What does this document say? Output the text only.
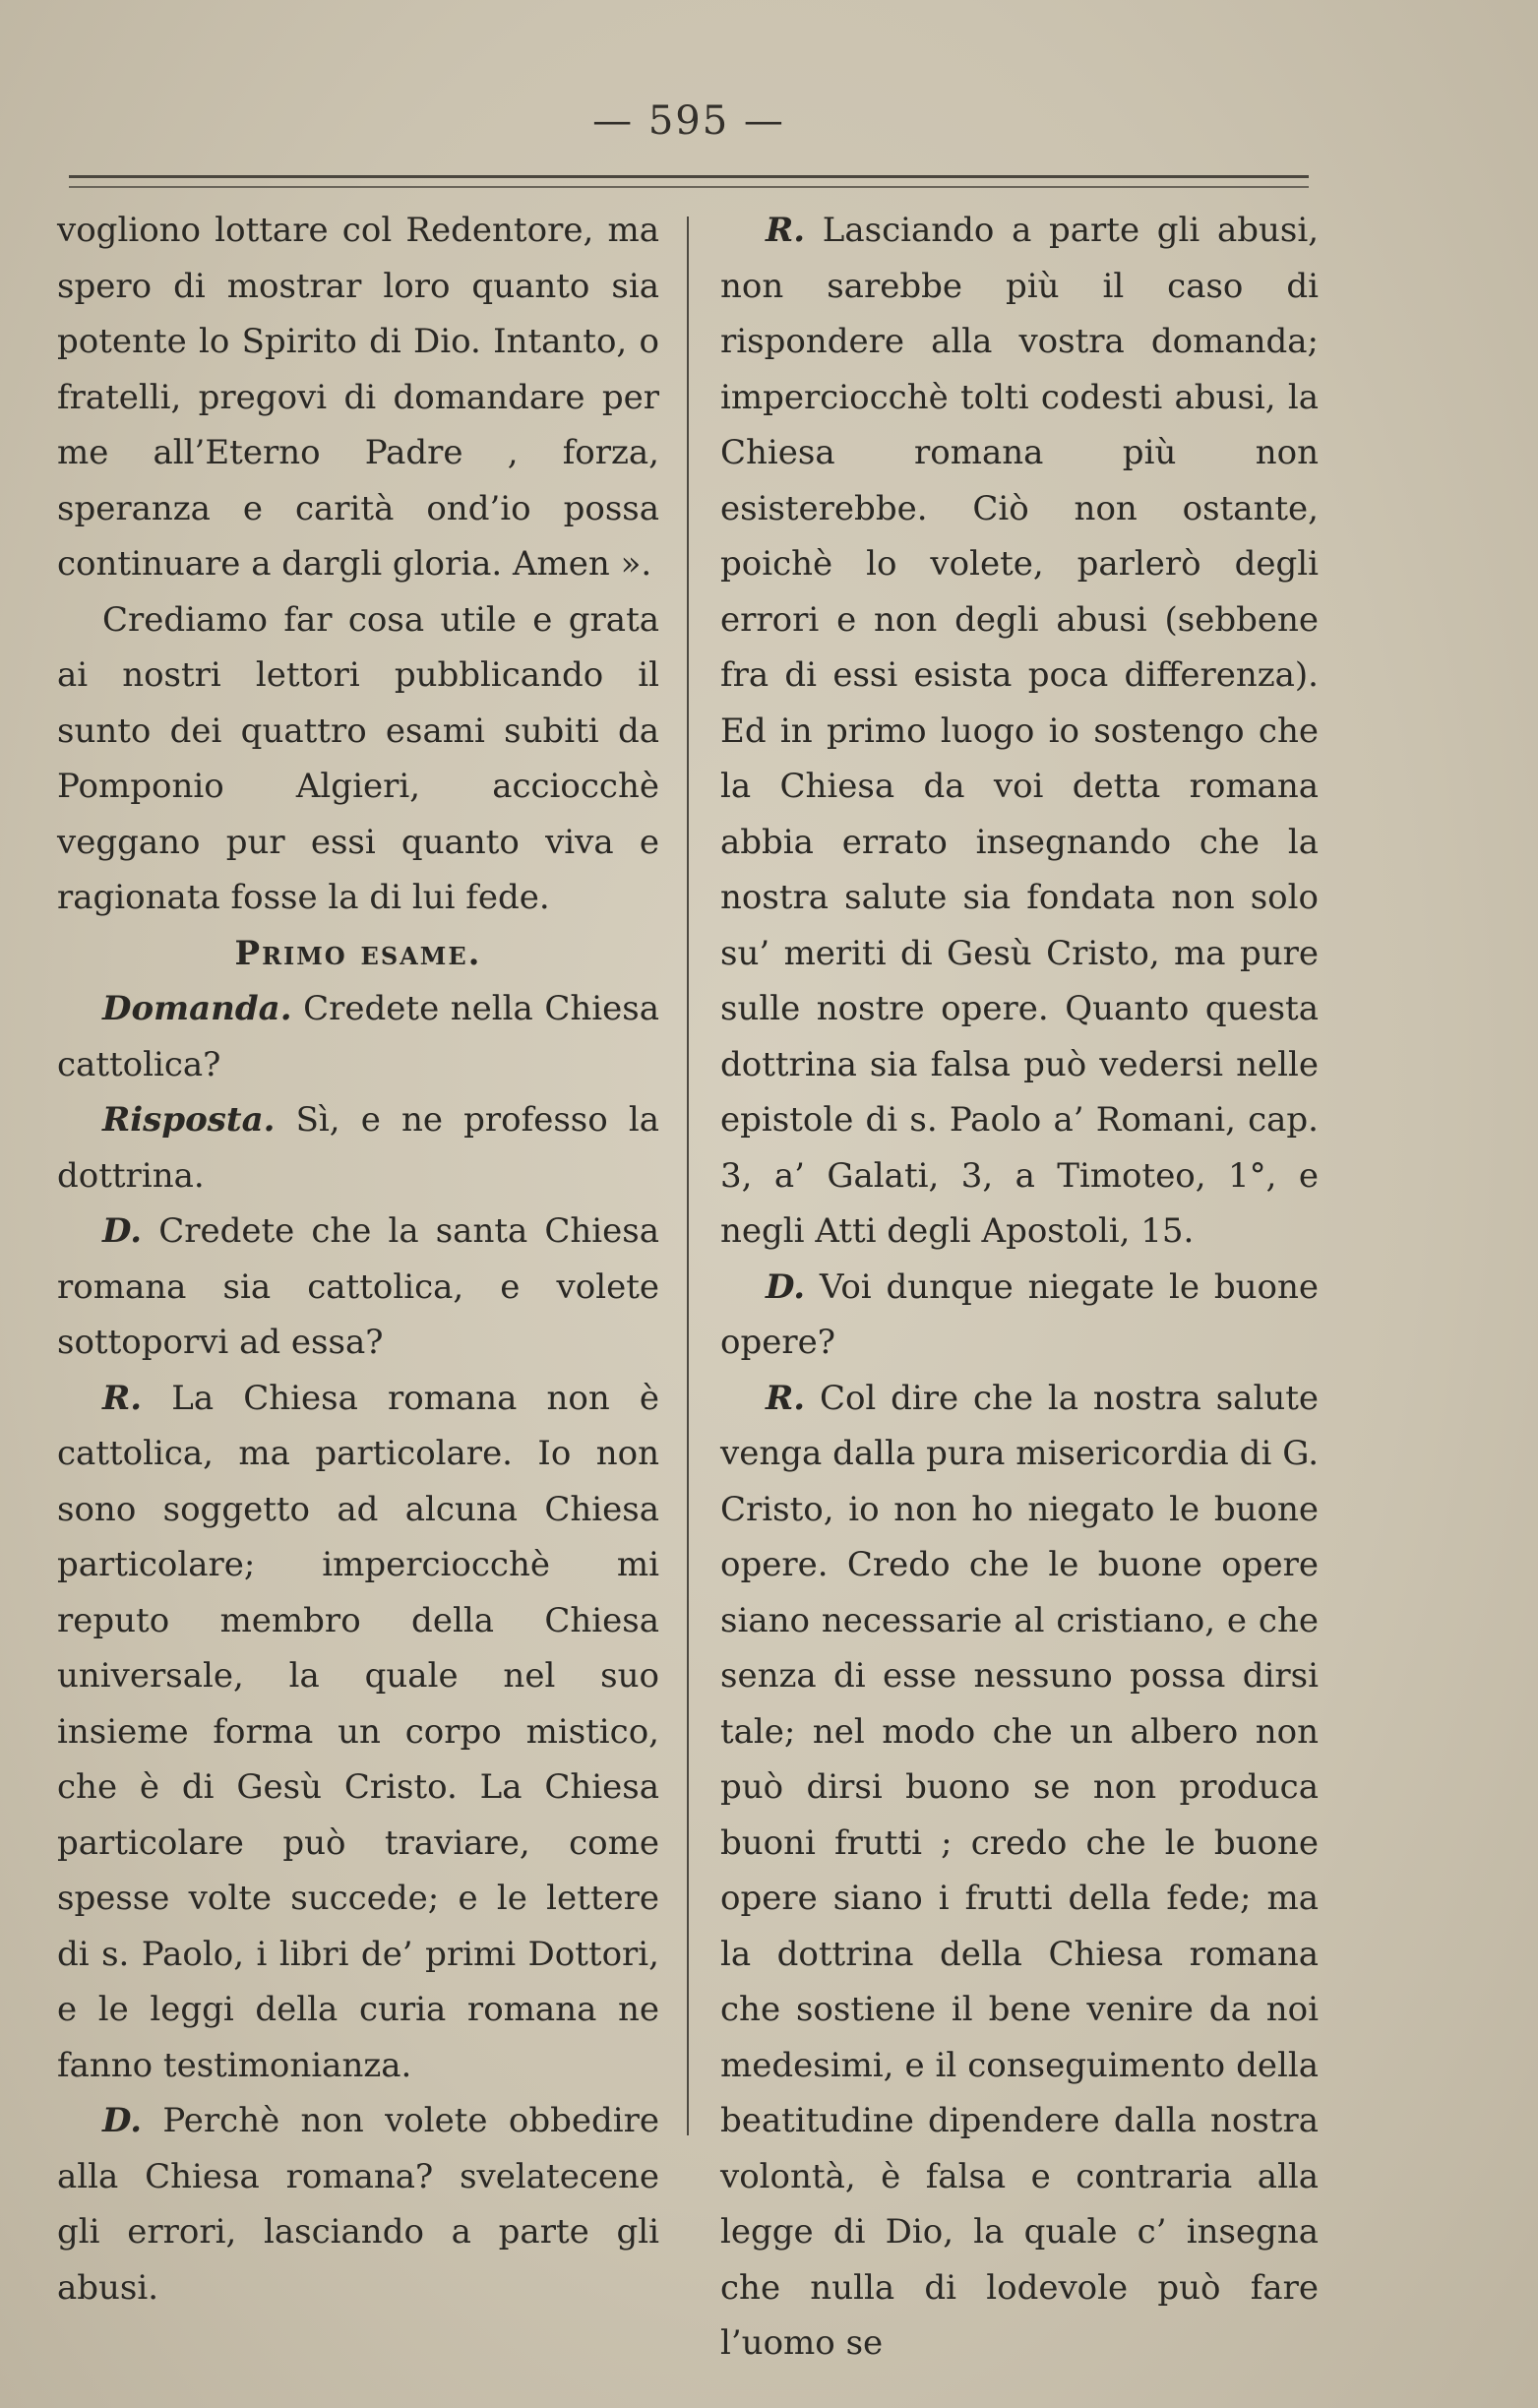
— 595 —

vogliono lottare col Redentore, ma spero di mostrar loro quanto sia potente lo Spirito di Dio. Intanto, o fratelli, pregovi di domandare per me all’Eterno Padre , forza, speranza e carità ond’io possa continuare a dargli gloria. Amen ».

Crediamo far cosa utile e grata ai nostri lettori pubblicando il sunto dei quattro esami subiti da Pomponio Algieri, acciocchè veggano pur essi quanto viva e ragionata fosse la di lui fede.

Primo esame.

Domanda. Credete nella Chiesa cattolica?

Risposta. Sì, e ne professo la dottrina.

D. Credete che la santa Chiesa romana sia cattolica, e volete sottoporvi ad essa?

R. La Chiesa romana non è cattolica, ma particolare. Io non sono soggetto ad alcuna Chiesa particolare; imperciocchè mi reputo membro della Chiesa universale, la quale nel suo insieme forma un corpo mistico, che è di Gesù Cristo. La Chiesa particolare può traviare, come spesse volte succede; e le lettere di s. Paolo, i libri de’ primi Dottori, e le leggi della curia romana ne fanno testimonianza.

D. Perchè non volete obbedire alla Chiesa romana? svelatecene gli errori, lasciando a parte gli abusi.

R. Lasciando a parte gli abusi, non sarebbe più il caso di rispondere alla vostra domanda; imperciocchè tolti codesti abusi, la Chiesa romana più non esisterebbe. Ciò non ostante, poichè lo volete, parlerò degli errori e non degli abusi (sebbene fra di essi esista poca differenza). Ed in primo luogo io sostengo che la Chiesa da voi detta romana abbia errato insegnando che la nostra salute sia fondata non solo su’ meriti di Gesù Cristo, ma pure sulle nostre opere. Quanto questa dottrina sia falsa può vedersi nelle epistole di s. Paolo a’ Romani, cap. 3, a’ Galati, 3, a Timoteo, 1°, e negli Atti degli Apostoli, 15.

D. Voi dunque niegate le buone opere?

R. Col dire che la nostra salute venga dalla pura misericordia di G. Cristo, io non ho niegato le buone opere. Credo che le buone opere siano necessarie al cristiano, e che senza di esse nessuno possa dirsi tale; nel modo che un albero non può dirsi buono se non produca buoni frutti ; credo che le buone opere siano i frutti della fede; ma la dottrina della Chiesa romana che sostiene il bene venire da noi medesimi, e il conseguimento della beatitudine dipendere dalla nostra volontà, è falsa e contraria alla legge di Dio, la quale c’ insegna che nulla di lodevole può fare l’uomo se
